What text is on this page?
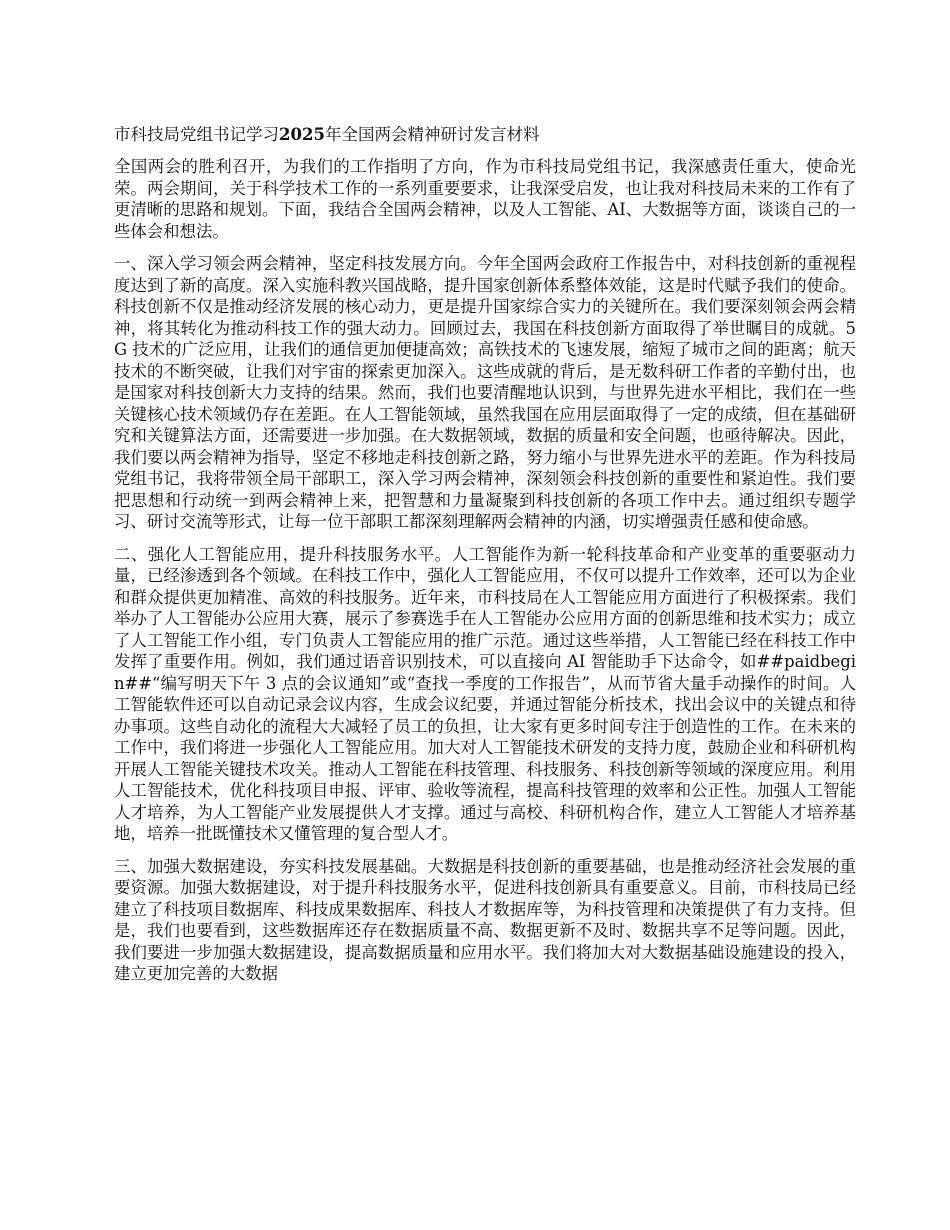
市科技局党组书记学习2025年全国两会精神研讨发言材料

全国两会的胜利召开，为我们的工作指明了方向，作为市科技局党组书记，我深感责任重大，使命光荣。两会期间，关于科学技术工作的一系列重要要求，让我深受启发，也让我对科技局未来的工作有了更清晰的思路和规划。下面，我结合全国两会精神，以及人工智能、AI、大数据等方面，谈谈自己的一些体会和想法。

一、深入学习领会两会精神，坚定科技发展方向。今年全国两会政府工作报告中，对科技创新的重视程度达到了新的高度。深入实施科教兴国战略，提升国家创新体系整体效能，这是时代赋予我们的使命。科技创新不仅是推动经济发展的核心动力，更是提升国家综合实力的关键所在。我们要深刻领会两会精神，将其转化为推动科技工作的强大动力。回顾过去，我国在科技创新方面取得了举世瞩目的成就。5G 技术的广泛应用，让我们的通信更加便捷高效；高铁技术的飞速发展，缩短了城市之间的距离；航天技术的不断突破，让我们对宇宙的探索更加深入。这些成就的背后，是无数科研工作者的辛勤付出，也是国家对科技创新大力支持的结果。然而，我们也要清醒地认识到，与世界先进水平相比，我们在一些关键核心技术领域仍存在差距。在人工智能领域，虽然我国在应用层面取得了一定的成绩，但在基础研究和关键算法方面，还需要进一步加强。在大数据领域，数据的质量和安全问题，也亟待解决。因此，我们要以两会精神为指导，坚定不移地走科技创新之路，努力缩小与世界先进水平的差距。作为科技局党组书记，我将带领全局干部职工，深入学习两会精神，深刻领会科技创新的重要性和紧迫性。我们要把思想和行动统一到两会精神上来，把智慧和力量凝聚到科技创新的各项工作中去。通过组织专题学习、研讨交流等形式，让每一位干部职工都深刻理解两会精神的内涵，切实增强责任感和使命感。

二、强化人工智能应用，提升科技服务水平。人工智能作为新一轮科技革命和产业变革的重要驱动力量，已经渗透到各个领域。在科技工作中，强化人工智能应用，不仅可以提升工作效率，还可以为企业和群众提供更加精准、高效的科技服务。近年来，市科技局在人工智能应用方面进行了积极探索。我们举办了人工智能办公应用大赛，展示了参赛选手在人工智能办公应用方面的创新思维和技术实力；成立了人工智能工作小组，专门负责人工智能应用的推广示范。通过这些举措，人工智能已经在科技工作中发挥了重要作用。例如，我们通过语音识别技术，可以直接向 AI 智能助手下达命令，如##paidbegin##“编写明天下午 3 点的会议通知”或“查找一季度的工作报告”，从而节省大量手动操作的时间。人工智能软件还可以自动记录会议内容，生成会议纪要，并通过智能分析技术，找出会议中的关键点和待办事项。这些自动化的流程大大减轻了员工的负担，让大家有更多时间专注于创造性的工作。在未来的工作中，我们将进一步强化人工智能应用。加大对人工智能技术研发的支持力度，鼓励企业和科研机构开展人工智能关键技术攻关。推动人工智能在科技管理、科技服务、科技创新等领域的深度应用。利用人工智能技术，优化科技项目申报、评审、验收等流程，提高科技管理的效率和公正性。加强人工智能人才培养，为人工智能产业发展提供人才支撑。通过与高校、科研机构合作，建立人工智能人才培养基地，培养一批既懂技术又懂管理的复合型人才。

三、加强大数据建设，夯实科技发展基础。大数据是科技创新的重要基础，也是推动经济社会发展的重要资源。加强大数据建设，对于提升科技服务水平，促进科技创新具有重要意义。目前，市科技局已经建立了科技项目数据库、科技成果数据库、科技人才数据库等，为科技管理和决策提供了有力支持。但是，我们也要看到，这些数据库还存在数据质量不高、数据更新不及时、数据共享不足等问题。因此，我们要进一步加强大数据建设，提高数据质量和应用水平。我们将加大对大数据基础设施建设的投入，建立更加完善的大数据
